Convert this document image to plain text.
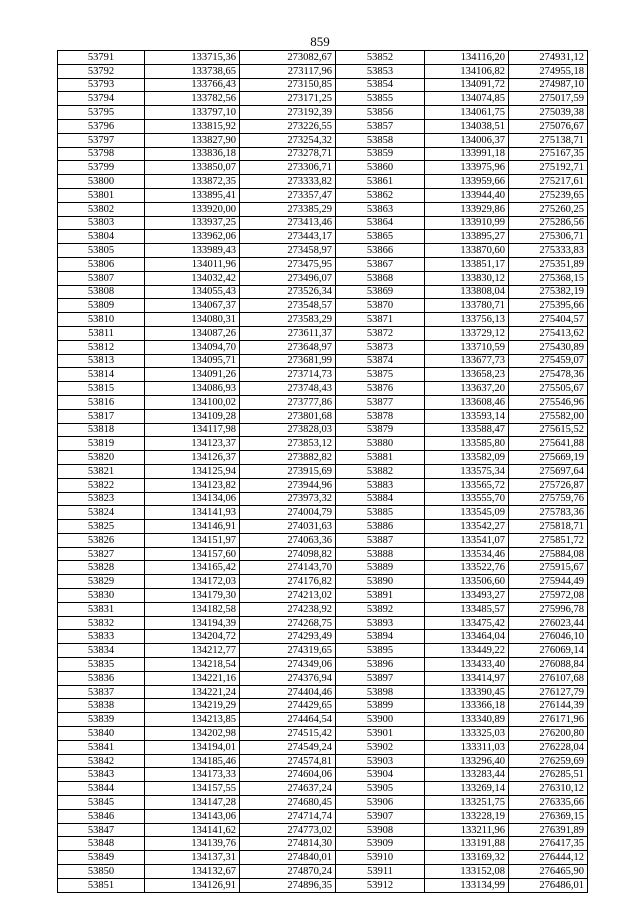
859
53791	133715,36	273082,67	53852	134116,20	274931,12
53792	133738,65	273117,96	53853	134106,82	274955,18
53793	133766,43	273150,85	53854	134091,72	274987,10
53794	133782,56	273171,25	53855	134074,85	275017,59
53795	133797,10	273192,39	53856	134061,75	275039,38
53796	133815,92	273226,55	53857	134038,51	275076,67
53797	133827,90	273254,32	53858	134006,37	275138,71
53798	133836,18	273278,71	53859	133991,18	275167,35
53799	133850,07	273306,71	53860	133975,96	275192,71
53800	133872,35	273333,82	53861	133959,66	275217,61
53801	133895,41	273357,47	53862	133944,40	275239,65
53802	133920,00	273385,29	53863	133929,86	275260,25
53803	133937,25	273413,46	53864	133910,99	275286,56
53804	133962,06	273443,17	53865	133895,27	275306,71
53805	133989,43	273458,97	53866	133870,60	275333,83
53806	134011,96	273475,95	53867	133851,17	275351,89
53807	134032,42	273496,07	53868	133830,12	275368,15
53808	134055,43	273526,34	53869	133808,04	275382,19
53809	134067,37	273548,57	53870	133780,71	275395,66
53810	134080,31	273583,29	53871	133756,13	275404,57
53811	134087,26	273611,37	53872	133729,12	275413,62
53812	134094,70	273648,97	53873	133710,59	275430,89
53813	134095,71	273681,99	53874	133677,73	275459,07
53814	134091,26	273714,73	53875	133658,23	275478,36
53815	134086,93	273748,43	53876	133637,20	275505,67
53816	134100,02	273777,86	53877	133608,46	275546,96
53817	134109,28	273801,68	53878	133593,14	275582,00
53818	134117,98	273828,03	53879	133588,47	275615,52
53819	134123,37	273853,12	53880	133585,80	275641,88
53820	134126,37	273882,82	53881	133582,09	275669,19
53821	134125,94	273915,69	53882	133575,34	275697,64
53822	134123,82	273944,96	53883	133565,72	275726,87
53823	134134,06	273973,32	53884	133555,70	275759,76
53824	134141,93	274004,79	53885	133545,09	275783,36
53825	134146,91	274031,63	53886	133542,27	275818,71
53826	134151,97	274063,36	53887	133541,07	275851,72
53827	134157,60	274098,82	53888	133534,46	275884,08
53828	134165,42	274143,70	53889	133522,76	275915,67
53829	134172,03	274176,82	53890	133506,60	275944,49
53830	134179,30	274213,02	53891	133493,27	275972,08
53831	134182,58	274238,92	53892	133485,57	275996,78
53832	134194,39	274268,75	53893	133475,42	276023,44
53833	134204,72	274293,49	53894	133464,04	276046,10
53834	134212,77	274319,65	53895	133449,22	276069,14
53835	134218,54	274349,06	53896	133433,40	276088,84
53836	134221,16	274376,94	53897	133414,97	276107,68
53837	134221,24	274404,46	53898	133390,45	276127,79
53838	134219,29	274429,65	53899	133366,18	276144,39
53839	134213,85	274464,54	53900	133340,89	276171,96
53840	134202,98	274515,42	53901	133325,03	276200,80
53841	134194,01	274549,24	53902	133311,03	276228,04
53842	134185,46	274574,81	53903	133296,40	276259,69
53843	134173,33	274604,06	53904	133283,44	276285,51
53844	134157,55	274637,24	53905	133269,14	276310,12
53845	134147,28	274680,45	53906	133251,75	276335,66
53846	134143,06	274714,74	53907	133228,19	276369,15
53847	134141,62	274773,02	53908	133211,96	276391,89
53848	134139,76	274814,30	53909	133191,88	276417,35
53849	134137,31	274840,01	53910	133169,32	276444,12
53850	134132,67	274870,24	53911	133152,08	276465,90
53851	134126,91	274896,35	53912	133134,99	276486,01
